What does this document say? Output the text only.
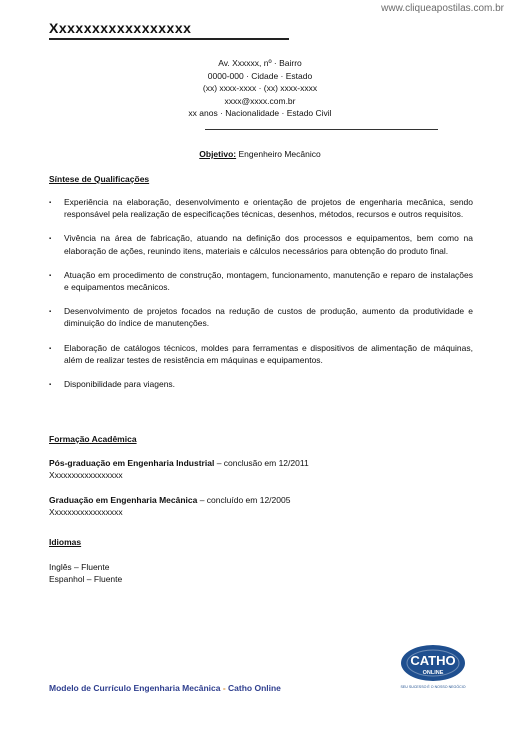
www.cliqueapostilas.com.br
Xxxxxxxxxxxxxxxxx
Av. Xxxxxx, nº · Bairro
0000-000 · Cidade · Estado
(xx) xxxx-xxxx · (xx) xxxx-xxxx
xxxx@xxxx.com.br
xx anos · Nacionalidade · Estado Civil
Objetivo: Engenheiro Mecânico
Síntese de Qualificações
▪ Experiência na elaboração, desenvolvimento e orientação de projetos de engenharia mecânica, sendo responsável pela realização de especificações técnicas, desenhos, métodos, recursos e outros requisitos.
▪ Vivência na área de fabricação, atuando na definição dos processos e equipamentos, bem como na elaboração de ações, reunindo itens, materiais e cálculos necessários para obtenção do produto final.
▪ Atuação em procedimento de construção, montagem, funcionamento, manutenção e reparo de instalações e equipamentos mecânicos.
▪ Desenvolvimento de projetos focados na redução de custos de produção, aumento da produtividade e diminuição do índice de manutenções.
▪ Elaboração de catálogos técnicos, moldes para ferramentas e dispositivos de alimentação de máquinas, além de realizar testes de resistência em máquinas e equipamentos.
▪ Disponibilidade para viagens.
Formação Acadêmica
Pós-graduação em Engenharia Industrial – conclusão em 12/2011
Xxxxxxxxxxxxxxxxx
Graduação em Engenharia Mecânica – concluído em 12/2005
Xxxxxxxxxxxxxxxxx
Idiomas
Inglês – Fluente
Espanhol – Fluente
Modelo de Currículo Engenharia Mecânica - Catho Online
CATHO
ONLINE
SEU SUCESSO É O NOSSO NEGÓCIO
